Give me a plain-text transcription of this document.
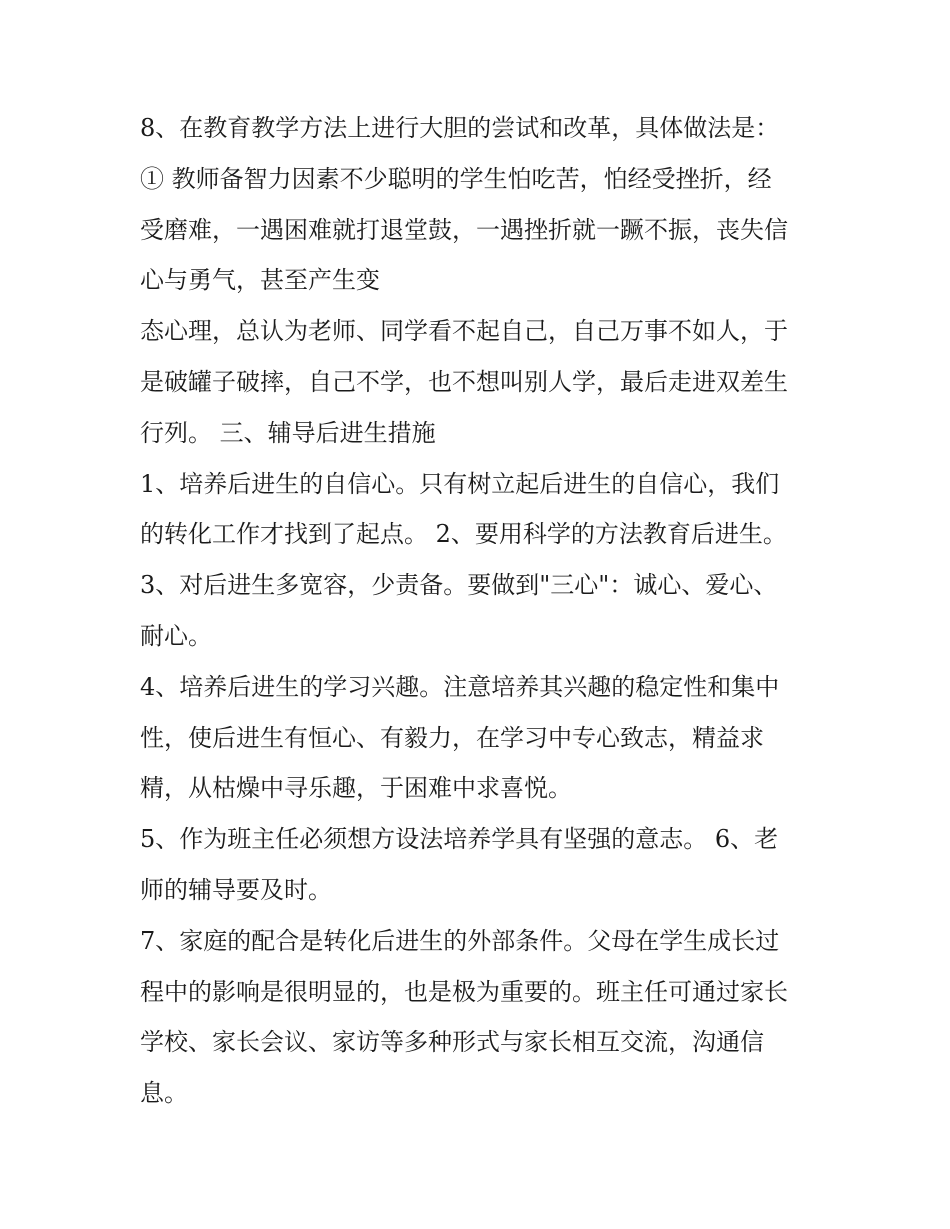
8、在教育教学方法上进行大胆的尝试和改革，具体做法是：
① 教师备智力因素不少聪明的学生怕吃苦，怕经受挫折，经
受磨难，一遇困难就打退堂鼓，一遇挫折就一蹶不振，丧失信
心与勇气，甚至产生变
态心理，总认为老师、同学看不起自己，自己万事不如人，于
是破罐子破摔，自己不学，也不想叫别人学，最后走进双差生
行列。 三、辅导后进生措施
1、培养后进生的自信心。只有树立起后进生的自信心，我们
的转化工作才找到了起点。 2、要用科学的方法教育后进生。
3、对后进生多宽容，少责备。要做到"三心"：诚心、爱心、
耐心。
4、培养后进生的学习兴趣。注意培养其兴趣的稳定性和集中
性，使后进生有恒心、有毅力，在学习中专心致志，精益求
精，从枯燥中寻乐趣，于困难中求喜悦。
5、作为班主任必须想方设法培养学具有坚强的意志。 6、老
师的辅导要及时。
7、家庭的配合是转化后进生的外部条件。父母在学生成长过
程中的影响是很明显的，也是极为重要的。班主任可通过家长
学校、家长会议、家访等多种形式与家长相互交流，沟通信
息。
